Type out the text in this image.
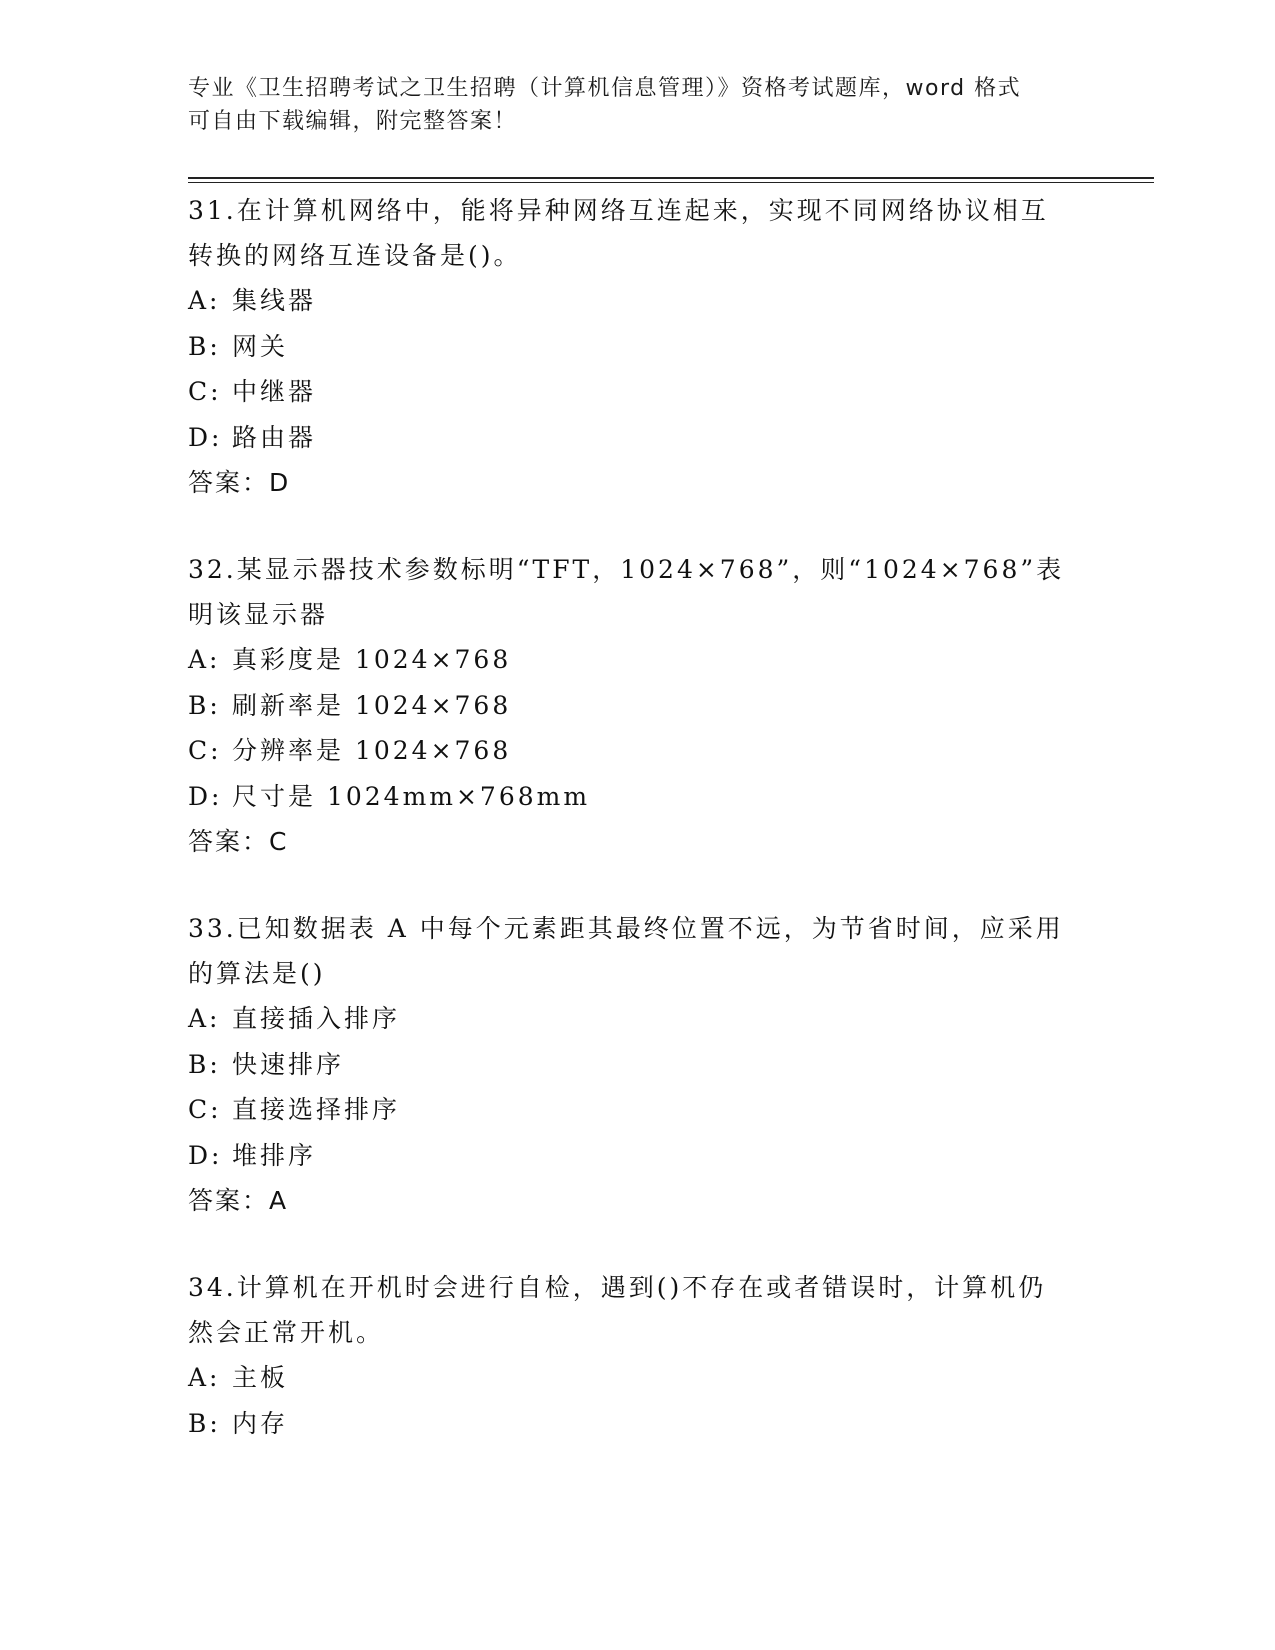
专业《卫生招聘考试之卫生招聘（计算机信息管理）》资格考试题库，word 格式
可自由下载编辑，附完整答案！
31.在计算机网络中，能将异种网络互连起来，实现不同网络协议相互
转换的网络互连设备是()。
A: 集线器
B: 网关
C: 中继器
D: 路由器
答案：D
32.某显示器技术参数标明“TFT，1024×768”，则“1024×768”表
明该显示器
A: 真彩度是 1024×768
B: 刷新率是 1024×768
C: 分辨率是 1024×768
D: 尺寸是 1024mm×768mm
答案：C
33.已知数据表 A 中每个元素距其最终位置不远，为节省时间，应采用
的算法是()
A: 直接插入排序
B: 快速排序
C: 直接选择排序
D: 堆排序
答案：A
34.计算机在开机时会进行自检，遇到()不存在或者错误时，计算机仍
然会正常开机。
A: 主板
B: 内存
